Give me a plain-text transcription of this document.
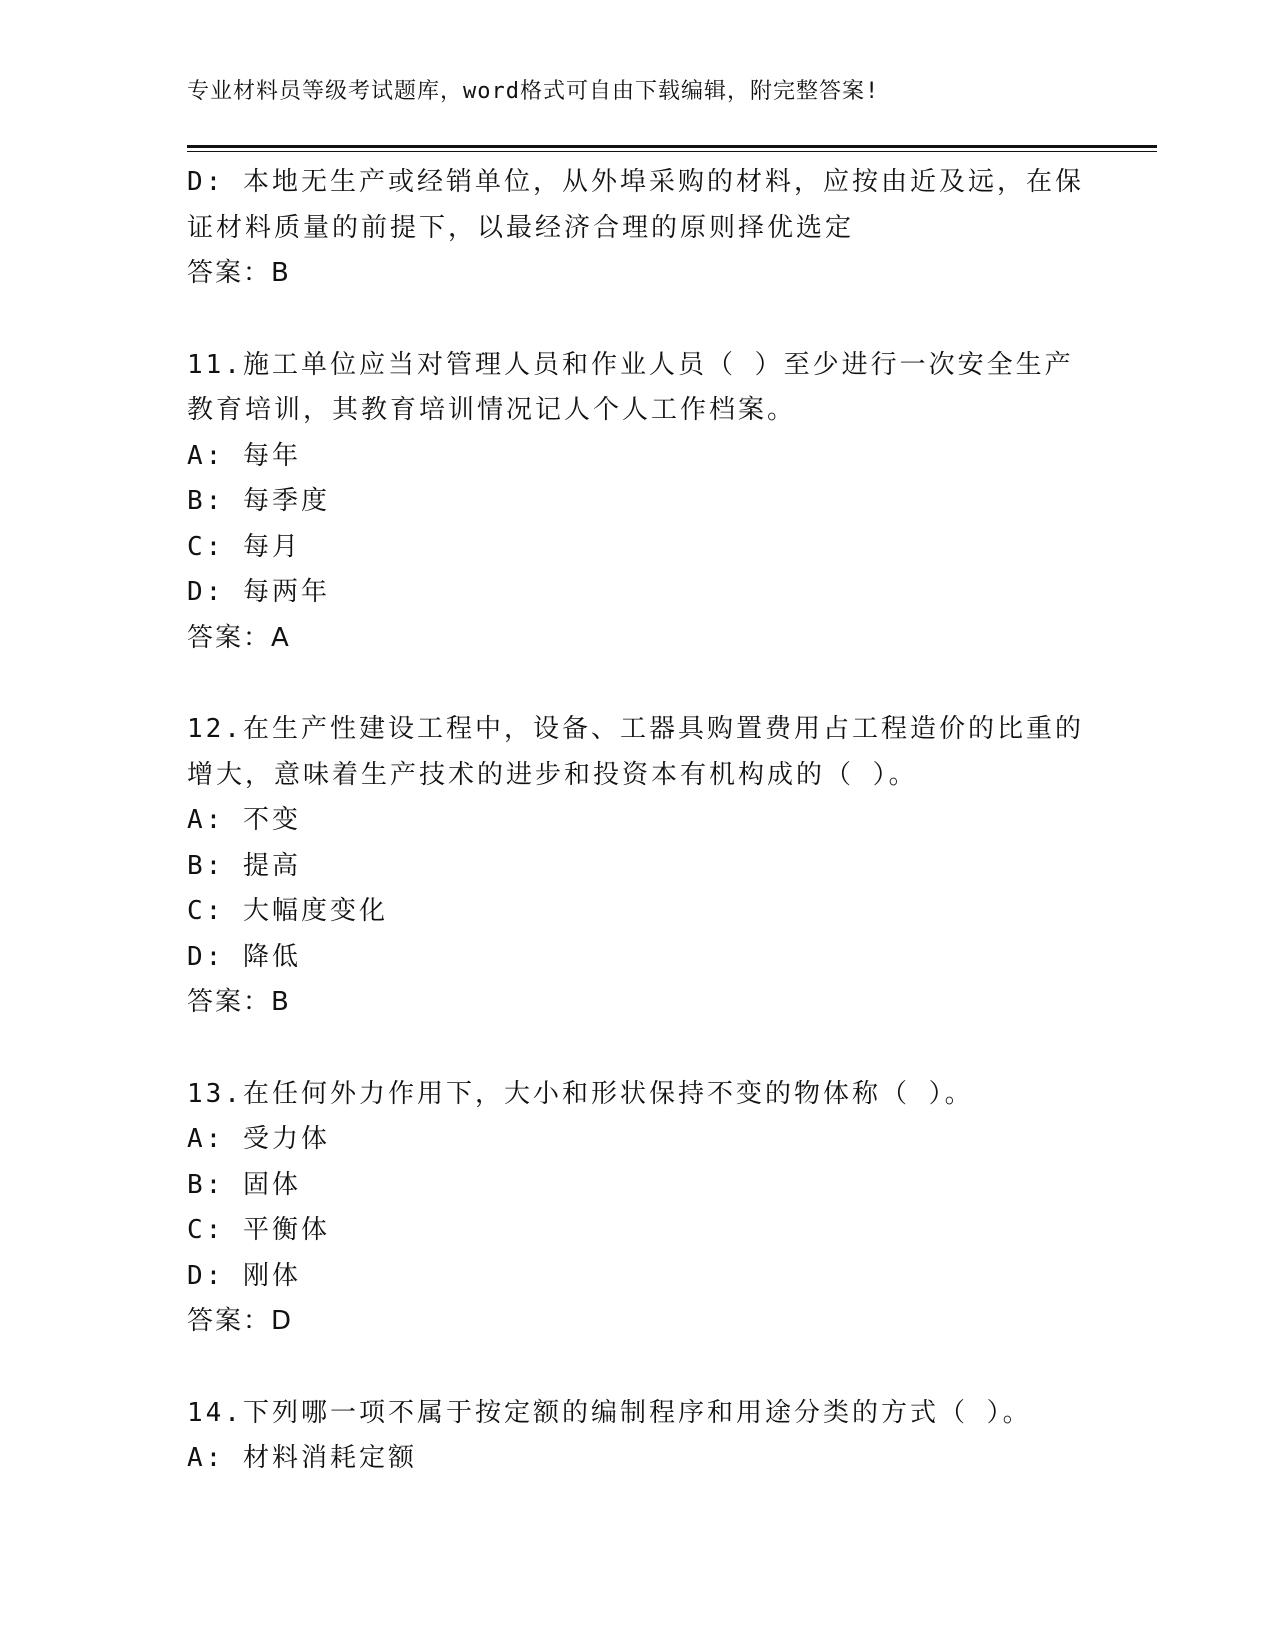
专业材料员等级考试题库，word格式可自由下载编辑，附完整答案!
D: 本地无生产或经销单位，从外埠采购的材料，应按由近及远，在保
证材料质量的前提下，以最经济合理的原则择优选定
答案：B
11.施工单位应当对管理人员和作业人员（ ）至少进行一次安全生产
教育培训，其教育培训情况记人个人工作档案。
A: 每年
B: 每季度
C: 每月
D: 每两年
答案：A
12.在生产性建设工程中，设备、工器具购置费用占工程造价的比重的
增大，意味着生产技术的进步和投资本有机构成的（ ）。
A: 不变
B: 提高
C: 大幅度变化
D: 降低
答案：B
13.在任何外力作用下，大小和形状保持不变的物体称（ ）。
A: 受力体
B: 固体
C: 平衡体
D: 刚体
答案：D
14.下列哪一项不属于按定额的编制程序和用途分类的方式（ ）。
A: 材料消耗定额
